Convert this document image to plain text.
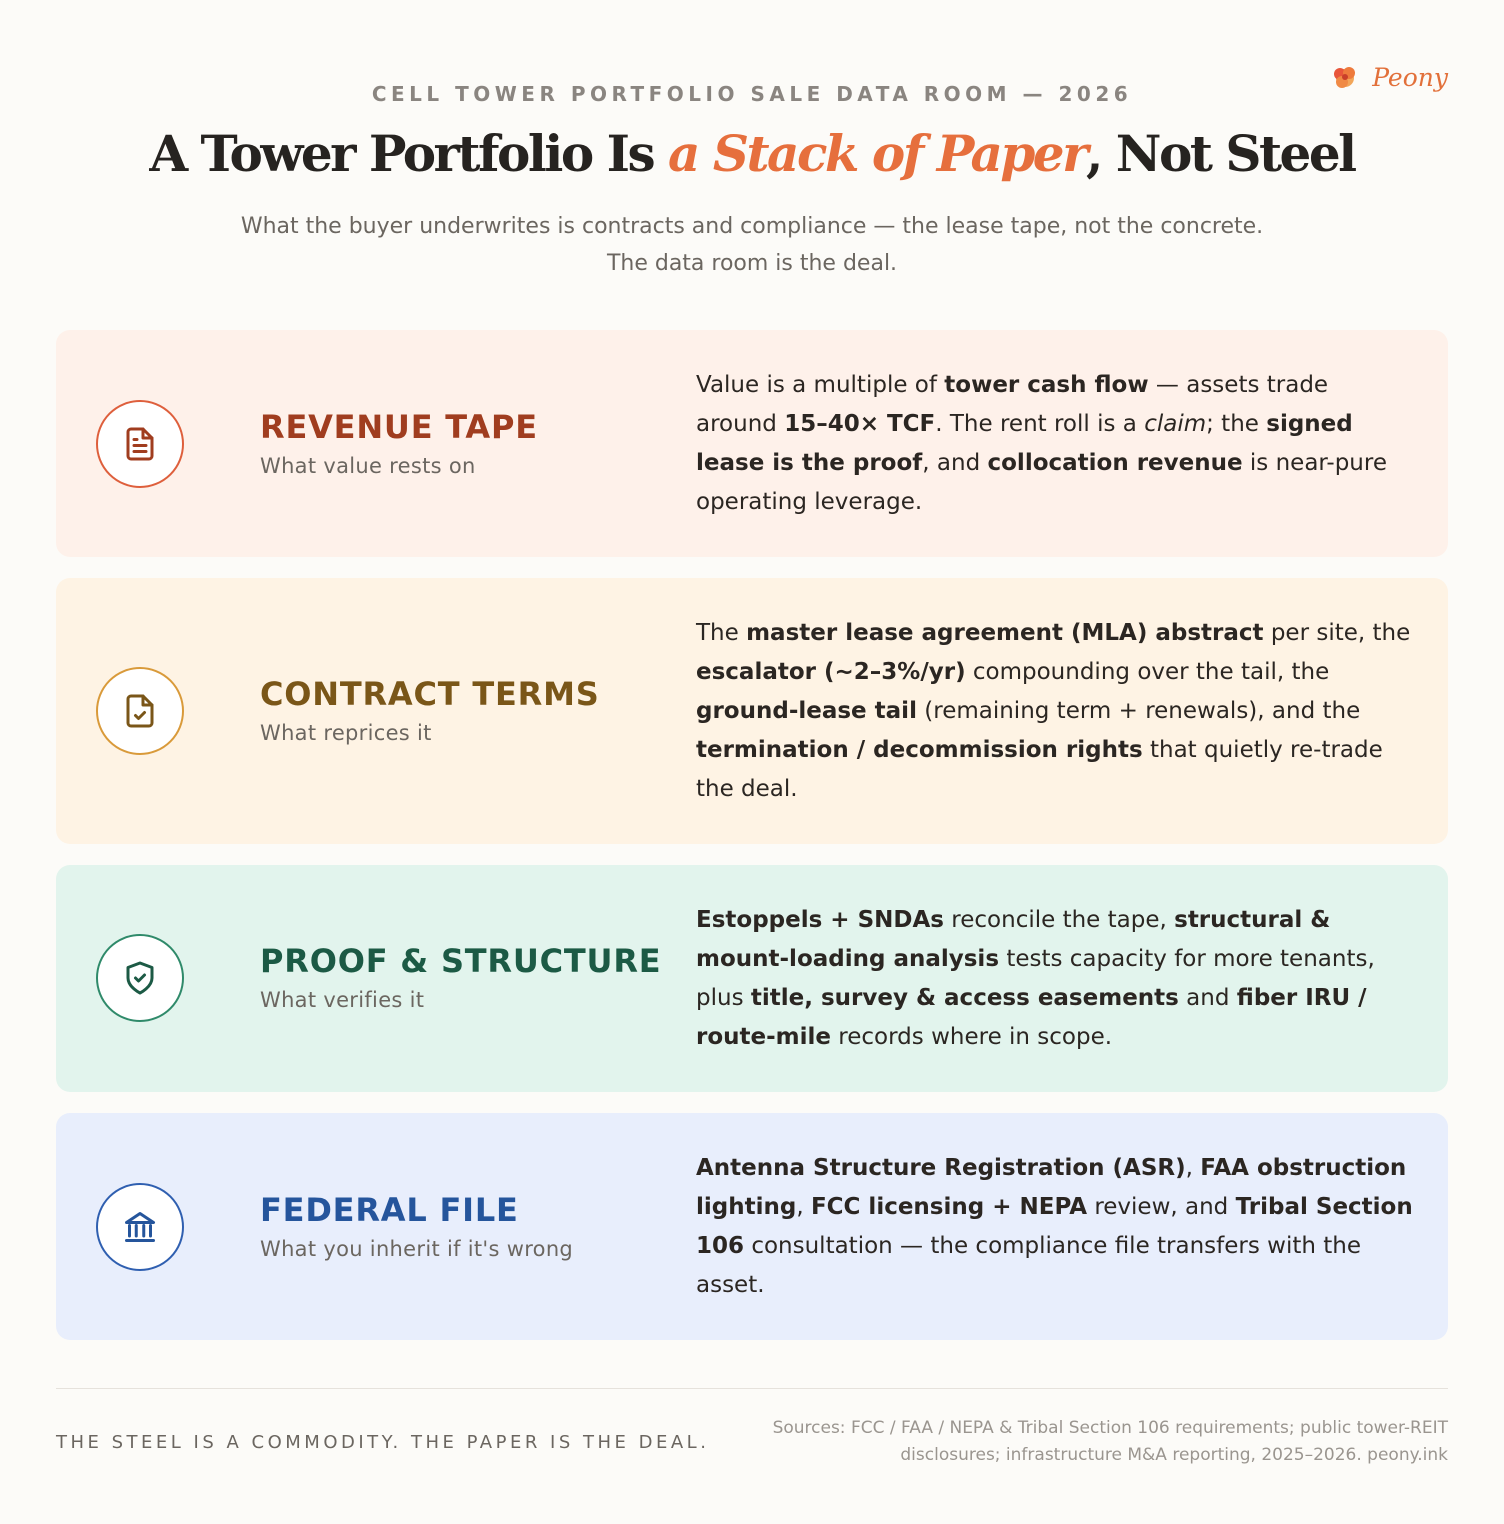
Peony
CELL TOWER PORTFOLIO SALE DATA ROOM — 2026
A Tower Portfolio Is a Stack of Paper, Not Steel
What the buyer underwrites is contracts and compliance — the lease tape, not the concrete.
The data room is the deal.
REVENUE TAPE
What value rests on
Value is a multiple of tower cash flow — assets trade around 15–40× TCF. The rent roll is a claim; the signed lease is the proof, and collocation revenue is near-pure operating leverage.
CONTRACT TERMS
What reprices it
The master lease agreement (MLA) abstract per site, the escalator (~2–3%/yr) compounding over the tail, the ground-lease tail (remaining term + renewals), and the termination / decommission rights that quietly re-trade the deal.
PROOF & STRUCTURE
What verifies it
Estoppels + SNDAs reconcile the tape, structural & mount-loading analysis tests capacity for more tenants, plus title, survey & access easements and fiber IRU / route-mile records where in scope.
FEDERAL FILE
What you inherit if it's wrong
Antenna Structure Registration (ASR), FAA obstruction lighting, FCC licensing + NEPA review, and Tribal Section 106 consultation — the compliance file transfers with the asset.
THE STEEL IS A COMMODITY. THE PAPER IS THE DEAL.
Sources: FCC / FAA / NEPA & Tribal Section 106 requirements; public tower-REIT
disclosures; infrastructure M&A reporting, 2025–2026. peony.ink
